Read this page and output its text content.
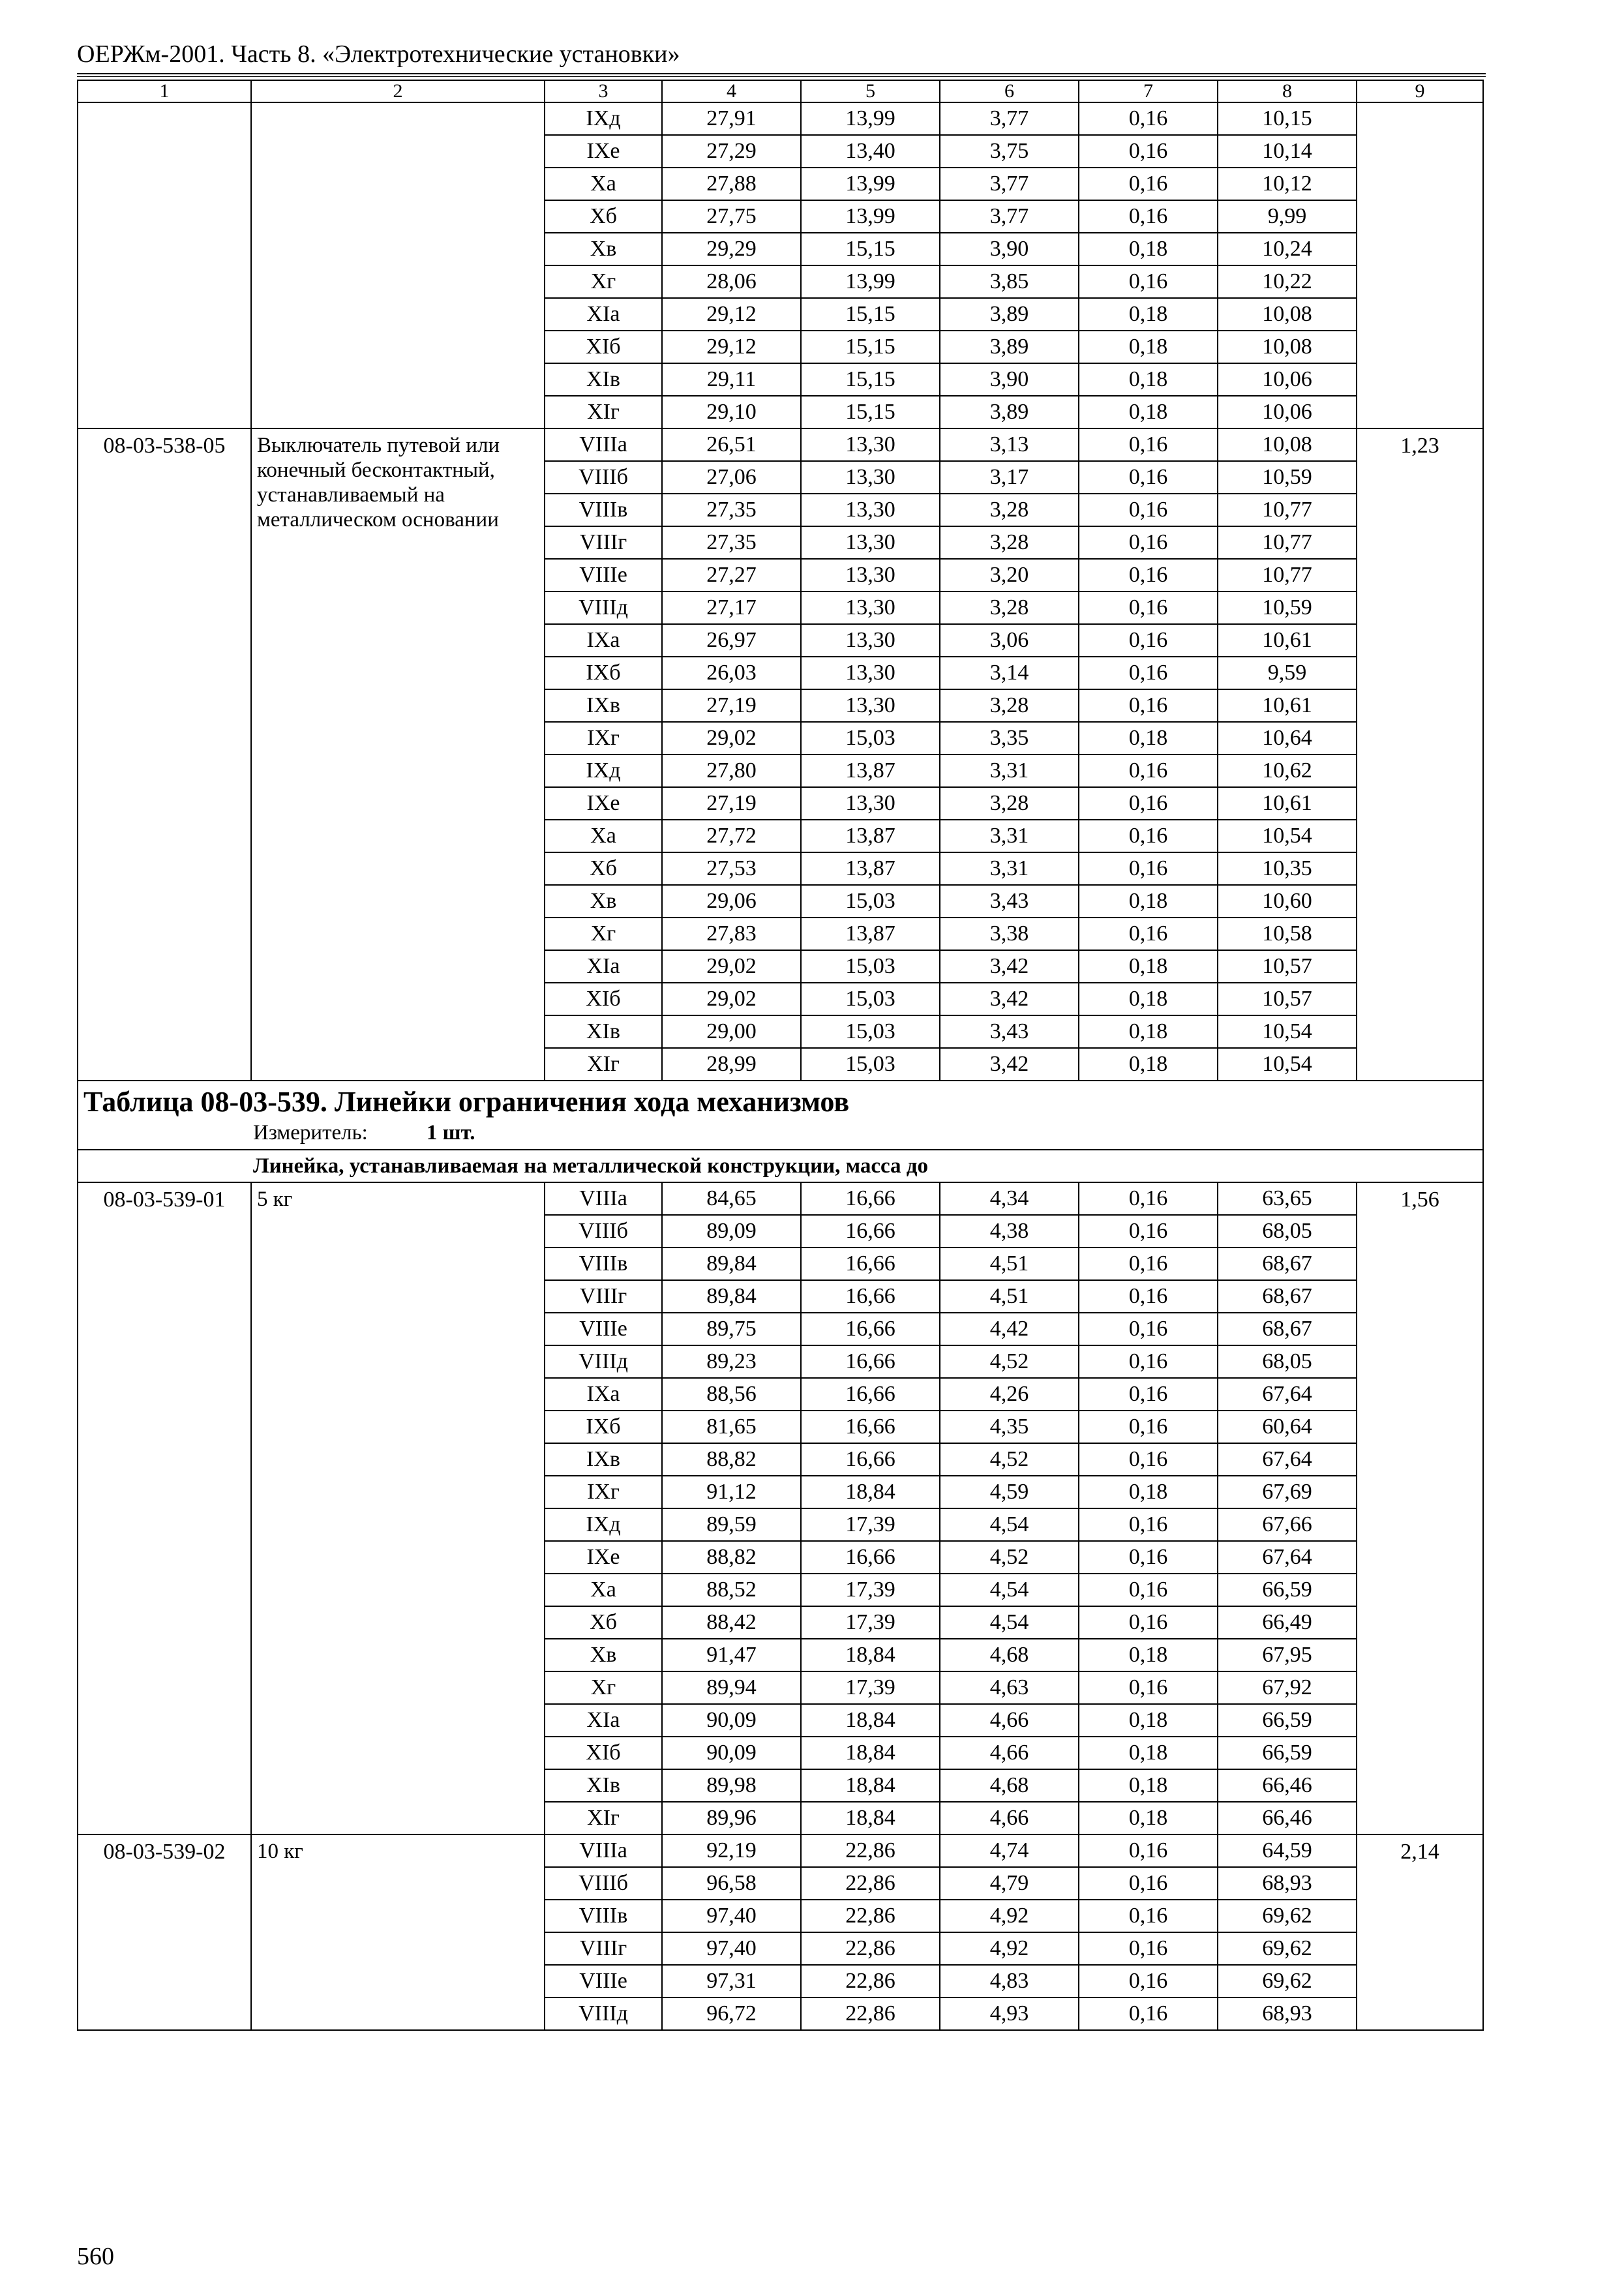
ОЕРЖм-2001. Часть 8. «Электротехнические установки»
1	2	3	4	5	6	7	8	9
		IXд	27,91	13,99	3,77	0,16	10,15	
		IXe	27,29	13,40	3,75	0,16	10,14	
		Xa	27,88	13,99	3,77	0,16	10,12	
		Xб	27,75	13,99	3,77	0,16	9,99	
		Xв	29,29	15,15	3,90	0,18	10,24	
		Xг	28,06	13,99	3,85	0,16	10,22	
		XIa	29,12	15,15	3,89	0,18	10,08	
		XIб	29,12	15,15	3,89	0,18	10,08	
		XIв	29,11	15,15	3,90	0,18	10,06	
		XIг	29,10	15,15	3,89	0,18	10,06	
08-03-538-05	Выключатель путевой или конечный бесконтактный, устанавливаемый на металлическом основании	VIIIa	26,51	13,30	3,13	0,16	10,08	1,23
		VIIIб	27,06	13,30	3,17	0,16	10,59	
		VIIIв	27,35	13,30	3,28	0,16	10,77	
		VIIIг	27,35	13,30	3,28	0,16	10,77	
		VIIIe	27,27	13,30	3,20	0,16	10,77	
		VIIIд	27,17	13,30	3,28	0,16	10,59	
		IXa	26,97	13,30	3,06	0,16	10,61	
		IXб	26,03	13,30	3,14	0,16	9,59	
		IXв	27,19	13,30	3,28	0,16	10,61	
		IXг	29,02	15,03	3,35	0,18	10,64	
		IXд	27,80	13,87	3,31	0,16	10,62	
		IXe	27,19	13,30	3,28	0,16	10,61	
		Xa	27,72	13,87	3,31	0,16	10,54	
		Xб	27,53	13,87	3,31	0,16	10,35	
		Xв	29,06	15,03	3,43	0,18	10,60	
		Xг	27,83	13,87	3,38	0,16	10,58	
		XIa	29,02	15,03	3,42	0,18	10,57	
		XIб	29,02	15,03	3,42	0,18	10,57	
		XIв	29,00	15,03	3,43	0,18	10,54	
		XIг	28,99	15,03	3,42	0,18	10,54	

Таблица 08-03-539. Линейки ограничения хода механизмов
Измеритель: 1 шт.								

Линейка, устанавливаемая на металлической конструкции, масса до								
08-03-539-01	5 кг	VIIIa	84,65	16,66	4,34	0,16	63,65	1,56
		VIIIб	89,09	16,66	4,38	0,16	68,05	
		VIIIв	89,84	16,66	4,51	0,16	68,67	
		VIIIг	89,84	16,66	4,51	0,16	68,67	
		VIIIe	89,75	16,66	4,42	0,16	68,67	
		VIIIд	89,23	16,66	4,52	0,16	68,05	
		IXa	88,56	16,66	4,26	0,16	67,64	
		IXб	81,65	16,66	4,35	0,16	60,64	
		IXв	88,82	16,66	4,52	0,16	67,64	
		IXг	91,12	18,84	4,59	0,18	67,69	
		IXд	89,59	17,39	4,54	0,16	67,66	
		IXe	88,82	16,66	4,52	0,16	67,64	
		Xa	88,52	17,39	4,54	0,16	66,59	
		Xб	88,42	17,39	4,54	0,16	66,49	
		Xв	91,47	18,84	4,68	0,18	67,95	
		Xг	89,94	17,39	4,63	0,16	67,92	
		XIa	90,09	18,84	4,66	0,18	66,59	
		XIб	90,09	18,84	4,66	0,18	66,59	
		XIв	89,98	18,84	4,68	0,18	66,46	
		XIг	89,96	18,84	4,66	0,18	66,46	
08-03-539-02	10 кг	VIIIa	92,19	22,86	4,74	0,16	64,59	2,14
		VIIIб	96,58	22,86	4,79	0,16	68,93	
		VIIIв	97,40	22,86	4,92	0,16	69,62	
		VIIIг	97,40	22,86	4,92	0,16	69,62	
		VIIIe	97,31	22,86	4,83	0,16	69,62	
		VIIIд	96,72	22,86	4,93	0,16	68,93	
560
